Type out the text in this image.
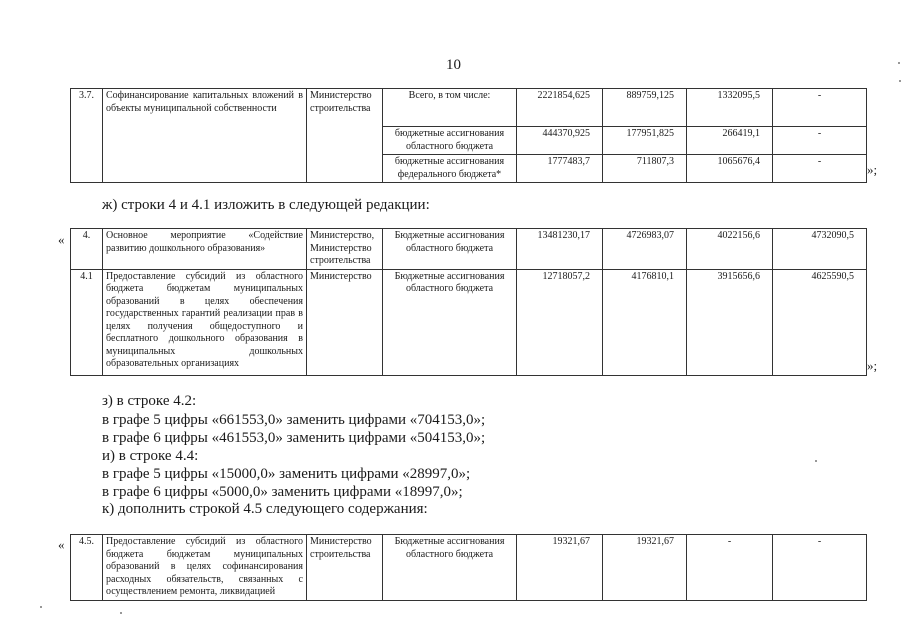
10
3.7.	Софинансирование капитальных вложений в объекты муниципальной собственности	Министерство строительства	Всего, в том числе:	2221854,625	889759,125	1332095,5	-
			бюджетные ассигнования областного бюджета	444370,925	177951,825	266419,1	-
			бюджетные ассигнования федерального бюджета*	1777483,7	711807,3	1065676,4	-
»;
ж) строки 4 и 4.1 изложить в следующей редакции:
« 4.	Основное мероприятие «Содействие развитию дошкольного образования»	Министерство, Министерство строительства	Бюджетные ассигнования областного бюджета	13481230,17	4726983,07	4022156,6	4732090,5
4.1	Предоставление субсидий из областного бюджета бюджетам муниципальных образований в целях обеспечения государственных гарантий реализации прав в целях получения общедоступного и бесплатного дошкольного образования в муниципальных дошкольных образовательных организациях	Министерство	Бюджетные ассигнования областного бюджета	12718057,2	4176810,1	3915656,6	4625590,5
»;
з) в строке 4.2:
в графе 5 цифры «661553,0» заменить цифрами «704153,0»;
в графе 6 цифры «461553,0» заменить цифрами «504153,0»;
и) в строке 4.4:
в графе 5 цифры «15000,0» заменить цифрами «28997,0»;
в графе 6 цифры «5000,0» заменить цифрами «18997,0»;
к) дополнить строкой 4.5 следующего содержания:
« 4.5.	Предоставление субсидий из областного бюджета бюджетам муниципальных образований в целях софинансирования расходных обязательств, связанных с осуществлением ремонта, ликвидацией	Министерство строительства	Бюджетные ассигнования областного бюджета	19321,67	19321,67	-	-
